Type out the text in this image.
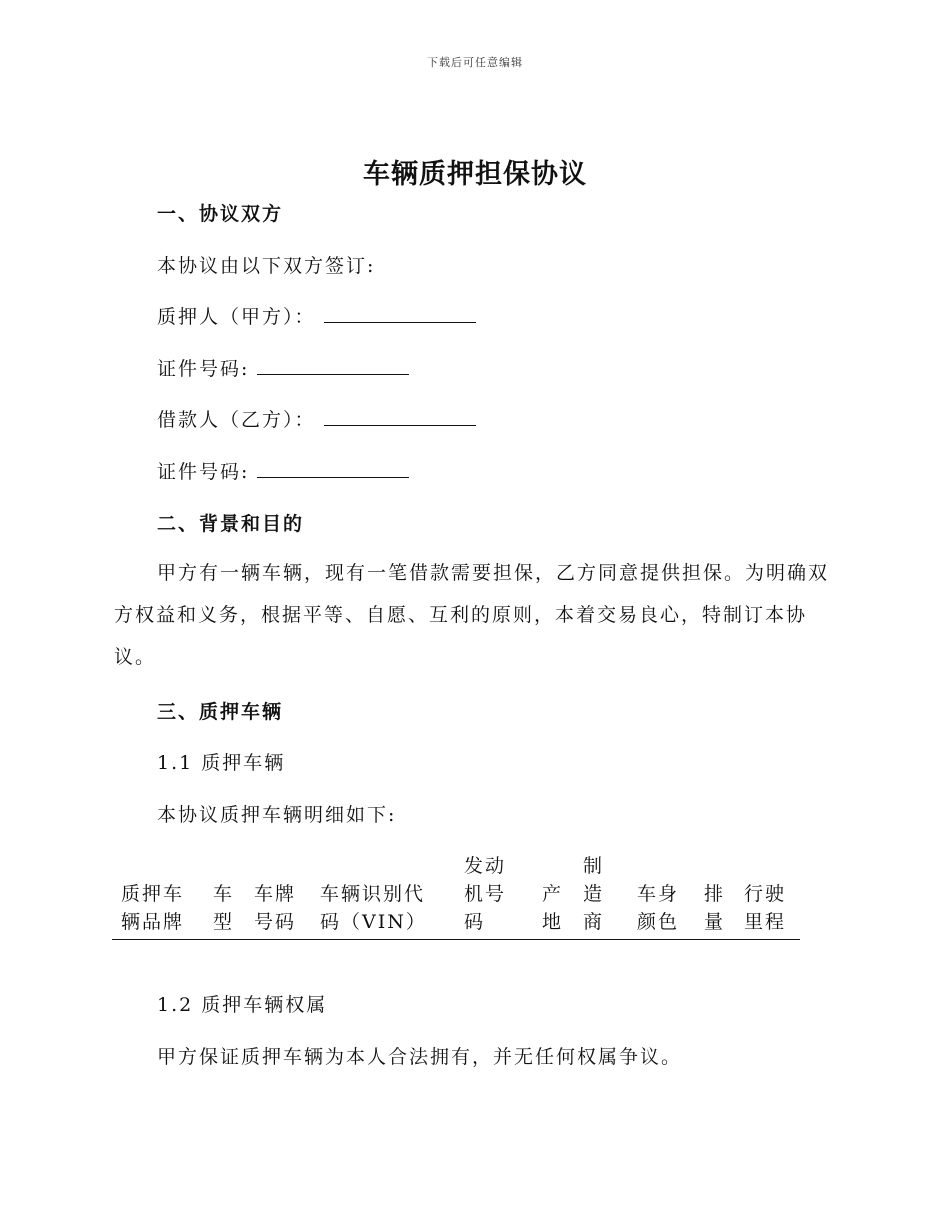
下载后可任意编辑
车辆质押担保协议
一、协议双方
本协议由以下双方签订:
质押人（甲方）：
证件号码:
借款人（乙方）：
证件号码:
二、背景和目的
甲方有一辆车辆，现有一笔借款需要担保，乙方同意提供担保。为明确双方权益和义务，根据平等、自愿、互利的原则，本着交易良心，特制订本协议。
三、质押车辆
1.1 质押车辆
本协议质押车辆明细如下:
质押车
辆品牌
车
型
车牌
号码
车辆识别代
码（VIN）
发动
机号
码
产
地
制
造
商
车身
颜色
排
量
行驶
里程
1.2 质押车辆权属
甲方保证质押车辆为本人合法拥有，并无任何权属争议。
